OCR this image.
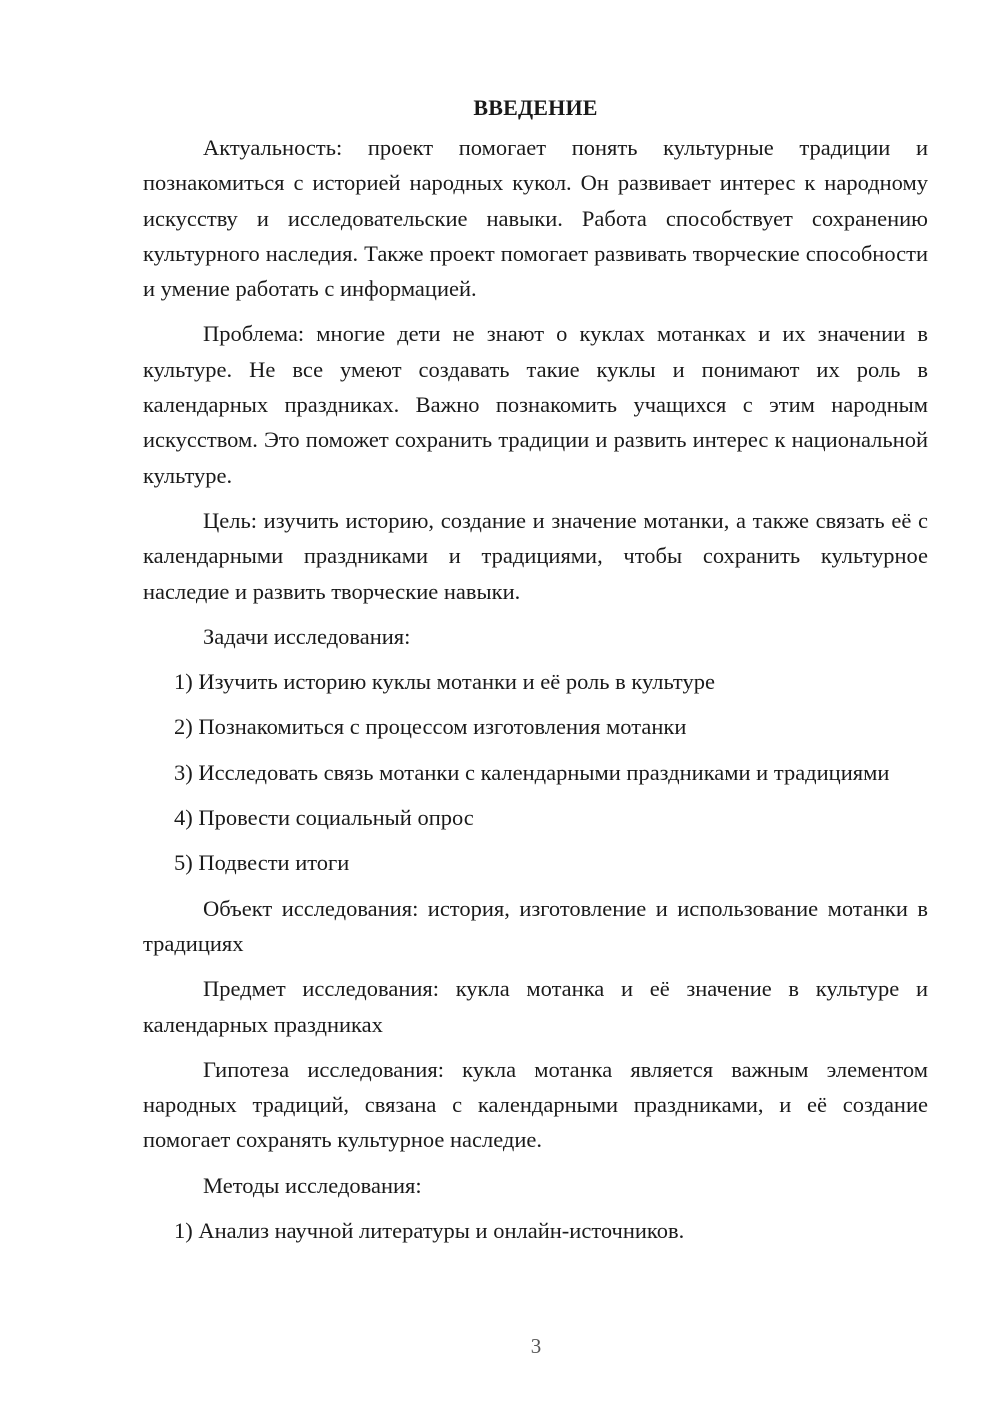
ВВЕДЕНИЕ

Актуальность: проект помогает понять культурные традиции и познакомиться с историей народных кукол. Он развивает интерес к народному искусству и исследовательские навыки. Работа способствует сохранению культурного наследия. Также проект помогает развивать творческие способности и умение работать с информацией.

Проблема: многие дети не знают о куклах мотанках и их значении в культуре. Не все умеют создавать такие куклы и понимают их роль в календарных праздниках. Важно познакомить учащихся с этим народным искусством. Это поможет сохранить традиции и развить интерес к национальной культуре.

Цель: изучить историю, создание и значение мотанки, а также связать её с календарными праздниками и традициями, чтобы сохранить культурное наследие и развить творческие навыки.

Задачи исследования:

1) Изучить историю куклы мотанки и её роль в культуре

2) Познакомиться с процессом изготовления мотанки

3) Исследовать связь мотанки с календарными праздниками и традициями

4) Провести социальный опрос

5) Подвести итоги

Объект исследования: история, изготовление и использование мотанки в традициях

Предмет исследования: кукла мотанка и её значение в культуре и календарных праздниках

Гипотеза исследования: кукла мотанка является важным элементом народных традиций, связана с календарными праздниками, и её создание помогает сохранять культурное наследие.

Методы исследования:

1) Анализ научной литературы и онлайн-источников.

3
